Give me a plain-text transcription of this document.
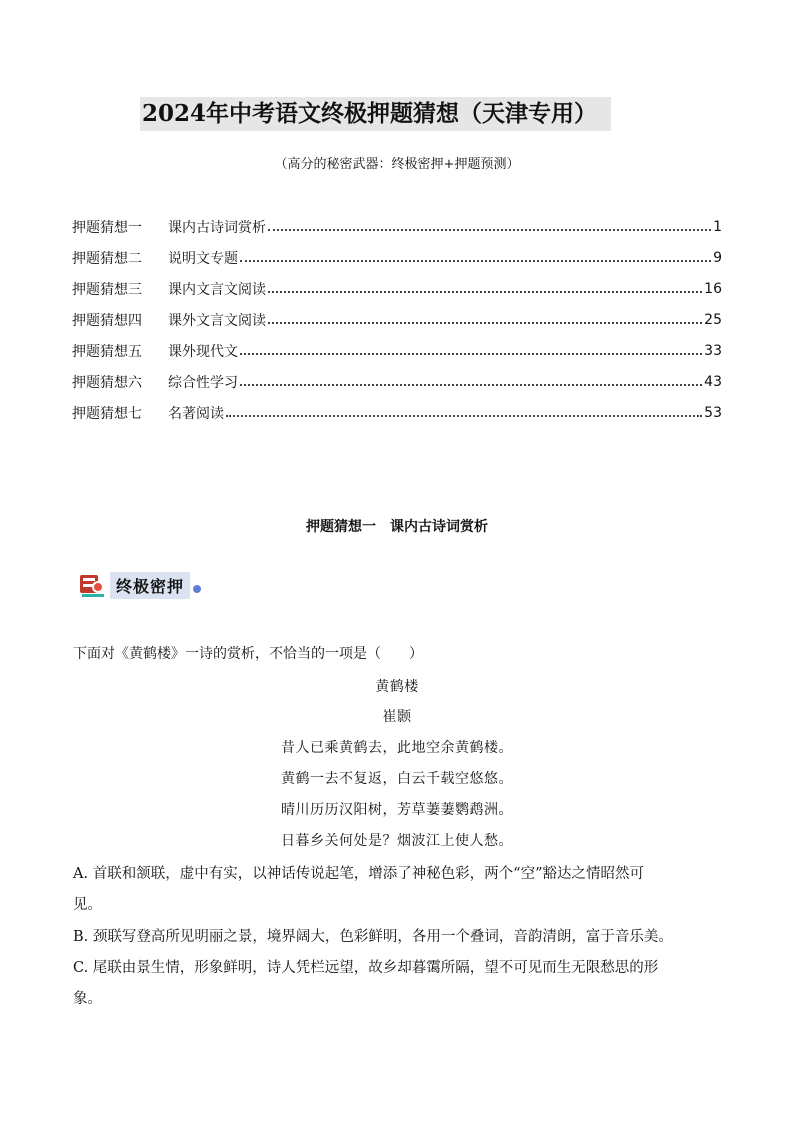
2024年中考语文终极押题猜想（天津专用）
（高分的秘密武器：终极密押+押题预测）
押题猜想一	课内古诗词赏析	1
押题猜想二	说明文专题	9
押题猜想三	课内文言文阅读	16
押题猜想四	课外文言文阅读	25
押题猜想五	课外现代文	33
押题猜想六	综合性学习	43
押题猜想七	名著阅读	53
押题猜想一　课内古诗词赏析
终极密押
下面对《黄鹤楼》一诗的赏析，不恰当的一项是（　　）
黄鹤楼
崔颢
昔人已乘黄鹤去，此地空余黄鹤楼。
黄鹤一去不复返，白云千载空悠悠。
晴川历历汉阳树，芳草萋萋鹦鹉洲。
日暮乡关何处是？烟波江上使人愁。
A. 首联和颔联，虚中有实，以神话传说起笔，增添了神秘色彩，两个“空”豁达之情昭然可
见。
B. 颈联写登高所见明丽之景，境界阔大，色彩鲜明，各用一个叠词，音韵清朗，富于音乐美。
C. 尾联由景生情，形象鲜明，诗人凭栏远望，故乡却暮霭所隔，望不可见而生无限愁思的形
象。
